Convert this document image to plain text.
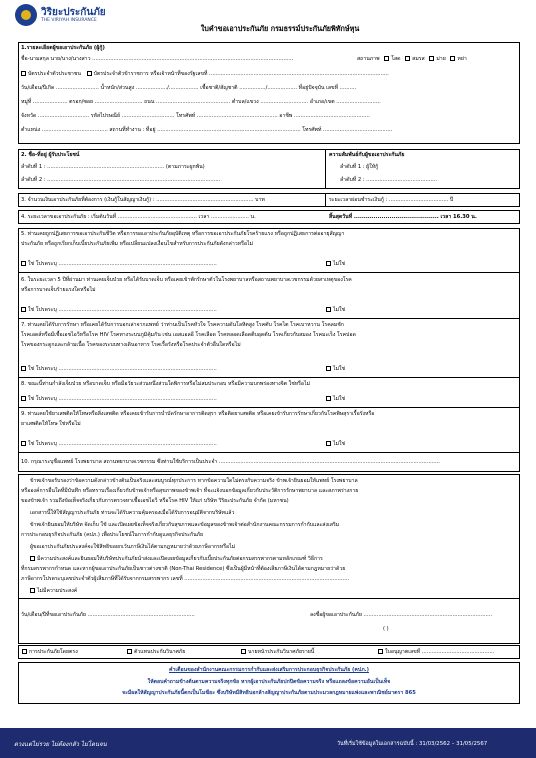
วิริยะประกันภัย
THE VIRIYAH INSURANCE
ใบคำขอเอาประกันภัย กรมธรรม์ประกันภัยพิทักษ์หุน
1.รายละเอียดผู้ขอเอาประกันภัย (ผู้กู้)
ชื่อ-นามสกุล นาย/นาง/นางสาว ..........................................................................................................................	สถานภาพ โสด สมรส ม่าย หย่า
บัตรประจำตัวประชาชน บัตรประจำตัวข้าราชการ หรือเจ้าหน้าที่ของรัฐเลขที่ .............................................................................................................
วัน/เดือน/ปีเกิด .......................... น้ำหนัก/ส่วนสูง .................../.................. เชื้อชาติ/สัญชาติ ................/.................. ที่อยู่ปัจจุบัน เลขที่ ..........
หมู่ที่ ..................... ตรอก/ซอย ............................. ถนน ............................................. ตำบล/แขวง ............................. อำเภอ/เขต ...........................
จังหวัด ............................... รหัสไปรษณีย์ ................................ โทรศัพท์ ................................................. อาชีพ ..............................................
ตำแหน่ง ........................................ สถานที่ทำงาน : ที่อยู่ ....................................................................................... โทรศัพท์ ..........................................
2. ชื่อ-ที่อยู่ ผู้รับประโยชน์
ลำดับที่ 1 : ....................................................................... (ตามภาระผูกพัน)
ลำดับที่ 2 : .........................................................................................................
ความสัมพันธ์กับผู้ขอเอาประกันภัย
ลำดับที่ 1 : ผู้ให้กู้
ลำดับที่ 2 : ...........................................
3. จำนวนเงินเอาประกันภัยที่ต้องการ (เงินกู้ในสัญญาเงินกู้) : ........................................................... บาท	ระยะเวลาผ่อนชำระเงินกู้ : .................................... ปี
4. ระยะเวลาขอเอาประกันภัย : เริ่มต้นวันที่ ................................................ เวลา ....................... น.	สิ้นสุดวันที่ ........................................... เวลา 16.30 น.
5. ท่านเคยถูกปฏิเสธการขอเอาประกันชีวิต หรือการขอเอาประกันภัยอุบัติเหตุ หรือการขอเอาประกันภัยโรคร้ายแรง หรือถูกปฏิเสธการต่ออายุสัญญา
ประกันภัย หรือถูกเรียกเก็บเบี้ยประกันภัยเพิ่ม หรือเปลี่ยนแปลงเงื่อนไขสำหรับการประกันภัยดังกล่าวหรือไม่
ใช่ โปรดระบุ ................................................................................................	ไม่ใช่
6. ในระยะเวลา 5 ปีที่ผ่านมา ท่านเคยเจ็บป่วย หรือได้รับบาดเจ็บ หรือเคยเข้าพักรักษาตัวในโรงพยาบาลหรือสถานพยาบาลเวชกรรมด้วยสาเหตุของโรค
หรือการบาดเจ็บร้ายแรงใดหรือไม่
ใช่ โปรดระบุ ................................................................................................	ไม่ใช่
7. ท่านเคยได้รับการรักษา หรือเคยได้รับการบอกเล่าจากแพทย์ ว่าท่านเป็นโรคหัวใจ โรคความดันโลหิตสูง โรคตับ โรคไต โรคเบาหวาน โรคลมชัก
โรคเอดส์หรือมีเชื้อเอชไอวีหรือโรค HIV โรคทางระบบภูมิคุ้มกัน เช่น เอสแอลอี โรคเลือด โรคหลอดเลือดตีบอุดตัน โรคเกี่ยวกับสมอง โรคมะเร็ง โรคปอด
โรคของกระดูกและกล้ามเนื้อ โรคของระบบทางเดินอาหาร โรคเรื้อรังหรือโรคประจำตัวอื่นใดหรือไม่
ใช่ โปรดระบุ ................................................................................................	ไม่ใช่
8. ขณะนี้ท่านกำลังเจ็บป่วย หรือบาดเจ็บ หรือมีอวัยวะส่วนหนึ่งส่วนใดพิการหรือไม่สมประกอบ หรือมีความบกพร่องทางจิต ใช่หรือไม่
ใช่ โปรดระบุ ................................................................................................	ไม่ใช่
9. ท่านเคยใช้ยาเสพติดให้โทษหรือสิ่งเสพติด หรือเคยเข้ารับการบำบัดรักษาอาการติดสุรา หรือติดยาเสพติด หรือเคยเข้ารับการรักษาเกี่ยวกับโรคพิษสุราเรื้อรังหรือ
ยาเสพติดให้โทษ ใช่หรือไม่
ใช่ โปรดระบุ ................................................................................................	ไม่ใช่
10. กรุณาระบุชื่อแพทย์ โรงพยาบาล สถานพยาบาลเวชกรรม ซึ่งท่านใช้บริการเป็นประจำ ......................................................................................................................................
ข้าพเจ้าขอรับรองว่าข้อความดังกล่าวข้างต้นเป็นจริงและสมบูรณ์ทุกประการ หากข้อความใดไม่ตรงกับความจริง ข้าพเจ้ายินยอมให้แพทย์ โรงพยาบาล
หรือองค์การอื่นใดที่มีบันทึก หรือทราบเรื่องเกี่ยวกับข้าพเจ้าหรือสุขภาพของข้าพเจ้า ที่จะแจ้งบอกข้อมูลเกี่ยวกับประวัติการรักษาพยาบาล และสภาพร่างกาย
ของข้าพเจ้า รวมถึงข้อเท็จจริงเกี่ยวกับการตรวจหาเชื้อเอชไอวี หรือโรค HIV ให้แก่ บริษัท วิริยะประกันภัย จำกัด (มหาชน)
เอกสารนี้ให้ใช้สัญญาประกันภัย ท่านจะได้รับความคุ้มครองเมื่อได้รับการอนุมัติจากบริษัทแล้ว
ข้าพเจ้ายินยอมให้บริษัท จัดเก็บ ใช้ และเปิดเผยข้อเท็จจริงเกี่ยวกับสุขภาพและข้อมูลของข้าพเจ้าต่อสำนักงานคณะกรรมการกำกับและส่งเสริม
การประกอบธุรกิจประกันภัย (คปภ.) เพื่อประโยชน์ในการกำกับดูแลธุรกิจประกันภัย
ผู้ขอเอาประกันภัยประสงค์จะใช้สิทธิขอยกเว้นภาษีเงินได้ตามกฎหมายว่าด้วยภาษีอากรหรือไม่
มีความประสงค์และยินยอมให้บริษัทประกันภัยนำส่งและเปิดเผยข้อมูลเกี่ยวกับเบี้ยประกันภัยต่อกรมสรรพากรตามหลักเกณฑ์ วิธีการ
ที่กรมสรรพากรกำหนด และหากผู้ขอเอาประกันภัยเป็นชาวต่างชาติ (Non-Thai Residence) ซึ่งเป็นผู้มีหน้าที่ต้องเสียภาษีเงินได้ตามกฎหมายว่าด้วย
ภาษีอากรโปรดระบุเลขประจำตัวผู้เสียภาษีที่ได้รับจากกรมสรรพากร เลขที่ ....................................................................................................
ไม่มีความประสงค์
วัน/เดือน/ปีที่ขอเอาประกันภัย .................................................................	ลงชื่อผู้ขอเอาประกันภัย ..............................................................................
( )
การประกันภัยโดยตรง	ตัวแทนประกันวินาศภัย	นายหน้าประกันวินาศภัยรายนี้	ใบอนุญาตเลขที่ ............................................
คำเตือนของสำนักงานคณะกรรมการกำกับและส่งเสริมการประกอบธุรกิจประกันภัย (คปภ.)
ให้ตอบคำถามข้างต้นตามความจริงทุกข้อ หากผู้เอาประกันภัยปกปิดข้อความจริง หรือแถลงข้อความอันเป็นเท็จ
จะมีผลให้สัญญาประกันภัยนี้ตกเป็นโมฆียะ ซึ่งบริษัทมีสิทธิบอกล้างสัญญาประกันภัยตามประมวลกฎหมายแพ่งและพาณิชย์มาตรา 865
ดวงแต่ไม่รวย ไม่ต้องกลัว ไม่โดนจน	วันที่เริ่มใช้ข้อมูลในเอกสารฉบับนี้ : 31/03/2562 – 31/05/2567
